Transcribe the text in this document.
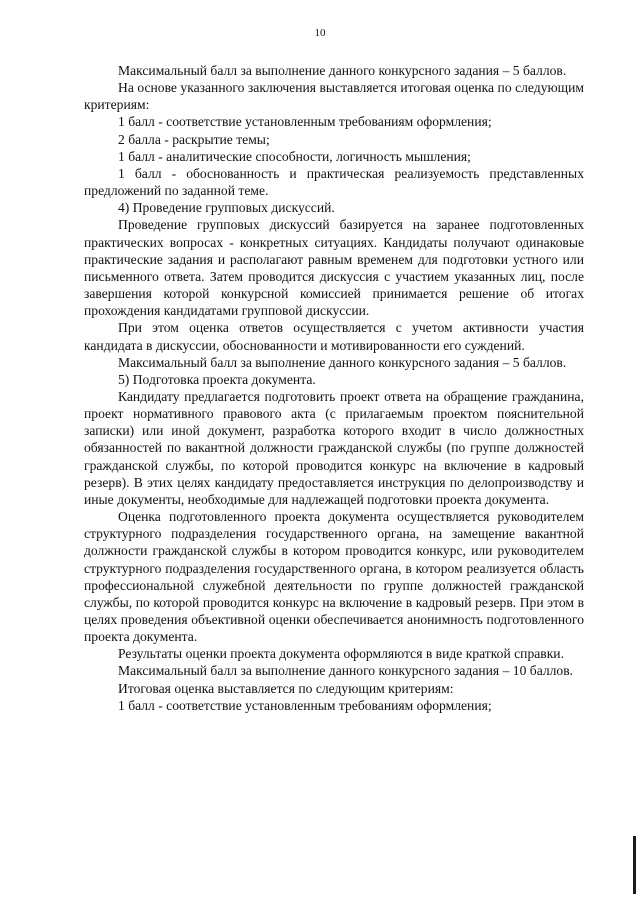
10

Максимальный балл за выполнение данного конкурсного задания – 5 баллов.

На основе указанного заключения выставляется итоговая оценка по следующим критериям:

1 балл - соответствие установленным требованиям оформления;

2 балла - раскрытие темы;

1 балл - аналитические способности, логичность мышления;

1 балл - обоснованность и практическая реализуемость представленных предложений по заданной теме.

4) Проведение групповых дискуссий.

Проведение групповых дискуссий базируется на заранее подготовленных практических вопросах - конкретных ситуациях. Кандидаты получают одинаковые практические задания и располагают равным временем для подготовки устного или письменного ответа. Затем проводится дискуссия с участием указанных лиц, после завершения которой конкурсной комиссией принимается решение об итогах прохождения кандидатами групповой дискуссии.

При этом оценка ответов осуществляется с учетом активности участия кандидата в дискуссии, обоснованности и мотивированности его суждений.

Максимальный балл за выполнение данного конкурсного задания – 5 баллов.

5) Подготовка проекта документа.

Кандидату предлагается подготовить проект ответа на обращение гражданина, проект нормативного правового акта (с прилагаемым проектом пояснительной записки) или иной документ, разработка которого входит в число должностных обязанностей по вакантной должности гражданской службы (по группе должностей гражданской службы, по которой проводится конкурс на включение в кадровый резерв). В этих целях кандидату предоставляется инструкция по делопроизводству и иные документы, необходимые для надлежащей подготовки проекта документа.

Оценка подготовленного проекта документа осуществляется руководителем структурного подразделения государственного органа, на замещение вакантной должности гражданской службы в котором проводится конкурс, или руководителем структурного подразделения государственного органа, в котором реализуется область профессиональной служебной деятельности по группе должностей гражданской службы, по которой проводится конкурс на включение в кадровый резерв. При этом в целях проведения объективной оценки обеспечивается анонимность подготовленного проекта документа.

Результаты оценки проекта документа оформляются в виде краткой справки.

Максимальный балл за выполнение данного конкурсного задания – 10 баллов.

Итоговая оценка выставляется по следующим критериям:

1 балл - соответствие установленным требованиям оформления;
